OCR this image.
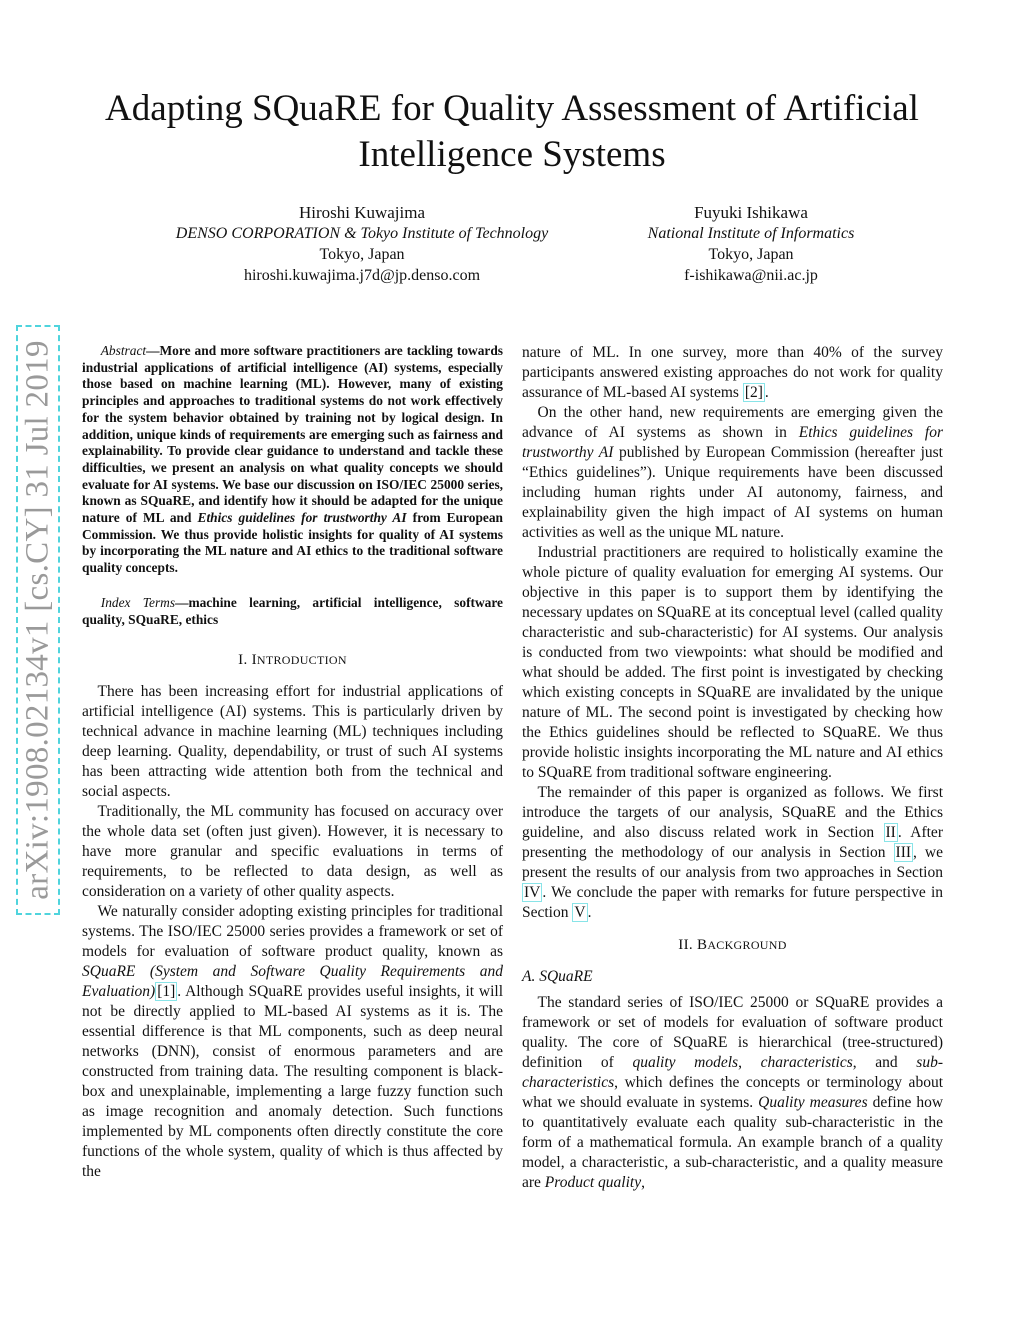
arXiv:1908.02134v1 [cs.CY] 31 Jul 2019
Adapting SQuaRE for Quality Assessment of Artificial Intelligence Systems
Hiroshi Kuwajima
DENSO CORPORATION & Tokyo Institute of Technology
Tokyo, Japan
hiroshi.kuwajima.j7d@jp.denso.com
Fuyuki Ishikawa
National Institute of Informatics
Tokyo, Japan
f-ishikawa@nii.ac.jp

Abstract—More and more software practitioners are tackling towards industrial applications of artificial intelligence (AI) systems, especially those based on machine learning (ML). However, many of existing principles and approaches to traditional systems do not work effectively for the system behavior obtained by training not by logical design. In addition, unique kinds of requirements are emerging such as fairness and explainability. To provide clear guidance to understand and tackle these difficulties, we present an analysis on what quality concepts we should evaluate for AI systems. We base our discussion on ISO/IEC 25000 series, known as SQuaRE, and identify how it should be adapted for the unique nature of ML and Ethics guidelines for trustworthy AI from European Commission. We thus provide holistic insights for quality of AI systems by incorporating the ML nature and AI ethics to the traditional software quality concepts.

Index Terms—machine learning, artificial intelligence, software quality, SQuaRE, ethics

I. INTRODUCTION

There has been increasing effort for industrial applications of artificial intelligence (AI) systems. This is particularly driven by technical advance in machine learning (ML) techniques including deep learning. Quality, dependability, or trust of such AI systems has been attracting wide attention both from the technical and social aspects.

Traditionally, the ML community has focused on accuracy over the whole data set (often just given). However, it is necessary to have more granular and specific evaluations in terms of requirements, to be reflected to data design, as well as consideration on a variety of other quality aspects.

We naturally consider adopting existing principles for traditional systems. The ISO/IEC 25000 series provides a framework or set of models for evaluation of software product quality, known as SQuaRE (System and Software Quality Requirements and Evaluation) [1] . Although SQuaRE provides useful insights, it will not be directly applied to ML-based AI systems as it is. The essential difference is that ML components, such as deep neural networks (DNN), consist of enormous parameters and are constructed from training data. The resulting component is black-box and unexplainable, implementing a large fuzzy function such as image recognition and anomaly detection. Such functions implemented by ML components often directly constitute the core functions of the whole system, quality of which is thus affected by the

nature of ML. In one survey, more than 40% of the survey participants answered existing approaches do not work for quality assurance of ML-based AI systems [2] .

On the other hand, new requirements are emerging given the advance of AI systems as shown in Ethics guidelines for trustworthy AI published by European Commission (hereafter just “Ethics guidelines”). Unique requirements have been discussed including human rights under AI autonomy, fairness, and explainability given the high impact of AI systems on human activities as well as the unique ML nature.

Industrial practitioners are required to holistically examine the whole picture of quality evaluation for emerging AI systems. Our objective in this paper is to support them by identifying the necessary updates on SQuaRE at its conceptual level (called quality characteristic and sub-characteristic) for AI systems. Our analysis is conducted from two viewpoints: what should be modified and what should be added. The first point is investigated by checking which existing concepts in SQuaRE are invalidated by the unique nature of ML. The second point is investigated by checking how the Ethics guidelines should be reflected to SQuaRE. We thus provide holistic insights incorporating the ML nature and AI ethics to SQuaRE from traditional software engineering.

The remainder of this paper is organized as follows. We first introduce the targets of our analysis, SQuaRE and the Ethics guideline, and also discuss related work in Section II . After presenting the methodology of our analysis in Section III , we present the results of our analysis from two approaches in Section IV . We conclude the paper with remarks for future perspective in Section V .

II. BACKGROUND

A. SQuaRE

The standard series of ISO/IEC 25000 or SQuaRE provides a framework or set of models for evaluation of software product quality. The core of SQuaRE is hierarchical (tree-structured) definition of quality models, characteristics, and sub-characteristics, which defines the concepts or terminology about what we should evaluate in systems. Quality measures define how to quantitatively evaluate each quality sub-characteristic in the form of a mathematical formula. An example branch of a quality model, a characteristic, a sub-characteristic, and a quality measure are Product quality,
